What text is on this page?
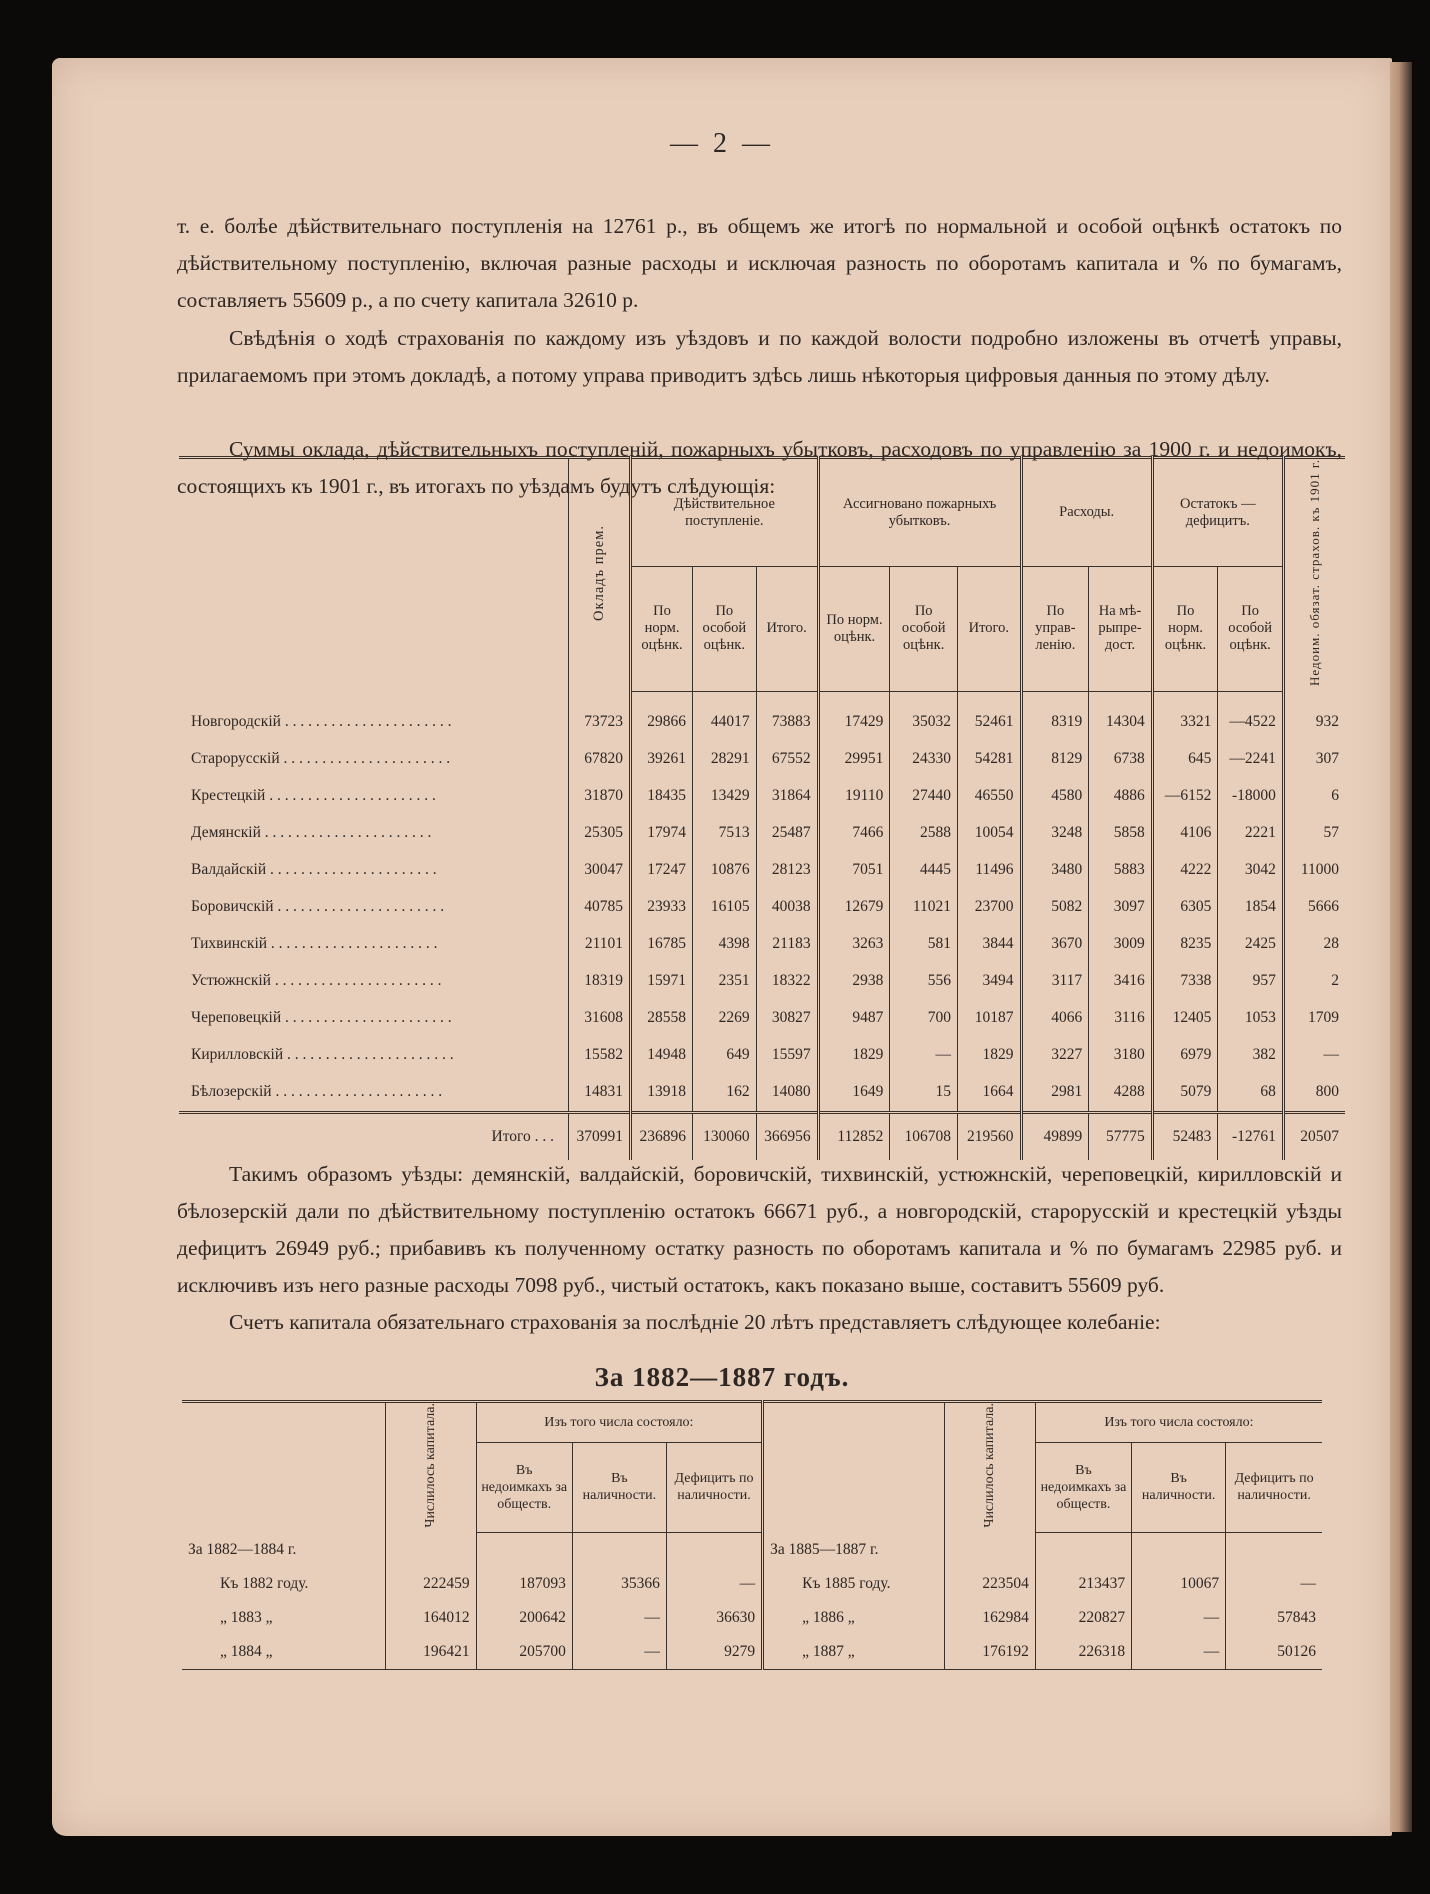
— 2 —

т. е. болѣе дѣйствительнаго поступленія на 12761 р., въ общемъ же итогѣ по нормальной и особой оцѣнкѣ остатокъ по дѣйствительному поступленію, включая разные расходы и исключая разность по оборотамъ капитала и % по бумагамъ, составляетъ 55609 р., а по счету капитала 32610 р.

Свѣдѣнія о ходѣ страхованія по каждому изъ уѣздовъ и по каждой волости подробно изложены въ отчетѣ управы, прилагаемомъ при этомъ докладѣ, а потому управа приводитъ здѣсь лишь нѣкоторыя цифровыя данныя по этому дѣлу.

Суммы оклада, дѣйствительныхъ поступленій, пожарныхъ убытковъ, расходовъ по управленію за 1900 г. и недоимокъ, состоящихъ къ 1901 г., въ итогахъ по уѣздамъ будутъ слѣдующія:

	Окладъ прем.	Дѣйствительное поступленіе.			Ассигновано пожарныхъ убытковъ.			Расходы.		Остатокъ —дефицитъ.		Недоим. обязат. страхов. къ 1901 г.
		По норм. оцѣнк.	По особой оцѣнк.	Итого.	По норм. оцѣнк.	По особой оцѣнк.	Итого.	По управ-ленію.	На мѣ-рыпре-дост.	По норм. оцѣнк.	По особой оцѣнк.	

Новгородскій . . . . . . . . . . . . . . . . . . . . . .	73723	29866	44017	73883	17429	35032	52461	8319	14304	3321	—4522	932
Старорусскій . . . . . . . . . . . . . . . . . . . . . .	67820	39261	28291	67552	29951	24330	54281	8129	6738	645	—2241	307
Крестецкій . . . . . . . . . . . . . . . . . . . . . .	31870	18435	13429	31864	19110	27440	46550	4580	4886	—6152	-18000	6
Демянскій . . . . . . . . . . . . . . . . . . . . . .	25305	17974	7513	25487	7466	2588	10054	3248	5858	4106	2221	57
Валдайскій . . . . . . . . . . . . . . . . . . . . . .	30047	17247	10876	28123	7051	4445	11496	3480	5883	4222	3042	11000
Боровичскій . . . . . . . . . . . . . . . . . . . . . .	40785	23933	16105	40038	12679	11021	23700	5082	3097	6305	1854	5666
Тихвинскій . . . . . . . . . . . . . . . . . . . . . .	21101	16785	4398	21183	3263	581	3844	3670	3009	8235	2425	28
Устюжнскій . . . . . . . . . . . . . . . . . . . . . .	18319	15971	2351	18322	2938	556	3494	3117	3416	7338	957	2
Череповецкій . . . . . . . . . . . . . . . . . . . . . .	31608	28558	2269	30827	9487	700	10187	4066	3116	12405	1053	1709
Кирилловскій . . . . . . . . . . . . . . . . . . . . . .	15582	14948	649	15597	1829	—	1829	3227	3180	6979	382	—
Бѣлозерскій . . . . . . . . . . . . . . . . . . . . . .	14831	13918	162	14080	1649	15	1664	2981	4288	5079	68	800
Итого . . .	370991	236896	130060	366956	112852	106708	219560	49899	57775	52483	-12761	20507

Такимъ образомъ уѣзды: демянскій, валдайскій, боровичскій, тихвинскій, устюжнскій, череповецкій, кирилловскій и бѣлозерскій дали по дѣйствительному поступленію остатокъ 66671 руб., а новгородскій, старорусскій и крестецкій уѣзды дефицитъ 26949 руб.; прибавивъ къ полученному остатку разность по оборотамъ капитала и % по бумагамъ 22985 руб. и исключивъ изъ него разные расходы 7098 руб., чистый остатокъ, какъ показано выше, составитъ 55609 руб.

Счетъ капитала обязательнаго страхованія за послѣдніе 20 лѣтъ представляетъ слѣдующее колебаніе:

За 1882—1887 годъ.
	Числилось капитала.	Изъ того числа состояло:				Числилось капитала.	Изъ того числа состояло:		
		Въ недоимкахъ за обществ.	Въ наличности.	Дефицитъ по наличности.			Въ недоимкахъ за обществ.	Въ наличности.	Дефицитъ по наличности.
За 1882—1884 г.					За 1885—1887 г.				
Къ 1882 году.	222459	187093	35366	—	Къ 1885 году.	223504	213437	10067	—
„ 1883 „	164012	200642	—	36630	„ 1886 „	162984	220827	—	57843
„ 1884 „	196421	205700	—	9279	„ 1887 „	176192	226318	—	50126
